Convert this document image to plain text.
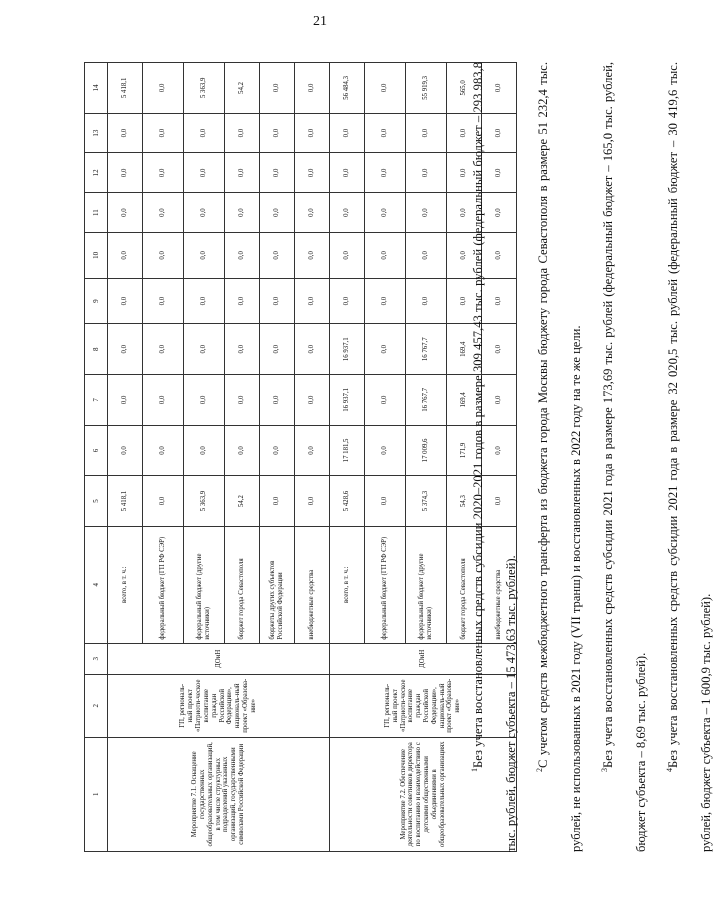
21
1	2	3	4	5	6	7	8	9	10	11	12	13	14
Мероприятие 7.1. Оснащение государственных общеобразовательных организаций, в том числе структурных подразделений указанных организаций, государственными символами Российской Федерации	ГП, региональ-ный проект «Патриоти-ческое воспитание граждан Российской Федерации», националь-ный проект «Образова-ние»	ДОиН	всего, в т. ч.:	5 418,1	0,0	0,0	0,0	0,0	0,0	0,0	0,0	0,0	5 418,1
			федеральный бюджет (ГП РФ СЭР)	0,0	0,0	0,0	0,0	0,0	0,0	0,0	0,0	0,0	0,0
			федеральный бюджет (другие источники)	5 363,9	0,0	0,0	0,0	0,0	0,0	0,0	0,0	0,0	5 363,9
			бюджет города Севастополя	54,2	0,0	0,0	0,0	0,0	0,0	0,0	0,0	0,0	54,2
			бюджеты других субъектов Российской Федерации	0,0	0,0	0,0	0,0	0,0	0,0	0,0	0,0	0,0	0,0
			внебюджетные средства	0,0	0,0	0,0	0,0	0,0	0,0	0,0	0,0	0,0	0,0
Мероприятие 7.2. Обеспечение деятельности советников директора по воспитанию и взаимодействию с детскими общественными объединениями в общеобразовательных организациях	ГП, региональ-ный проект «Патриоти-ческое воспитание граждан Российской Федерации», националь-ный проект «Образова-ние»	ДОиН	всего, в т. ч.:	5 428,6	17 181,5	16 937,1	16 937,1	0,0	0,0	0,0	0,0	0,0	56 484,3
			федеральный бюджет (ГП РФ СЭР)	0,0	0,0	0,0	0,0	0,0	0,0	0,0	0,0	0,0	0,0
			федеральный бюджет (другие источники)	5 374,3	17 009,6	16 767,7	16 767,7	0,0	0,0	0,0	0,0	0,0	55 919,3
			бюджет города Севастополя	54,3	171,9	169,4	169,4	0,0	0,0	0,0	0,0	0,0	565,0
			внебюджетные средства	0,0	0,0	0,0	0,0	0,0	0,0	0,0	0,0	0,0	0,0

$^1$Без учета восстановленных средств субсидии 2020–2021 годов в размере 309 457,43 тыс. рублей (федеральный бюджет – 293 983,8 тыс. рублей, бюджет субъекта – 15 473,63 тыс. рублей).	$^2$С учетом средств межбюджетного трансферта из бюджета города Москвы бюджету города Севастополя в размере 51 232,4 тыс. рублей, не использованных в 2021 году (VII транш) и восстановленных в 2022 году на те же цели.	$^3$Без учета восстановленных средств субсидии 2021 года в размере 173,69 тыс. рублей (федеральный бюджет – 165,0 тыс. рублей, бюджет субъекта – 8,69 тыс. рублей).	$^4$Без учета восстановленных средств субсидии 2021 года в размере 32 020,5 тыс. рублей (федеральный бюджет – 30 419,6 тыс. рублей, бюджет субъекта – 1 600,9 тыс. рублей).
